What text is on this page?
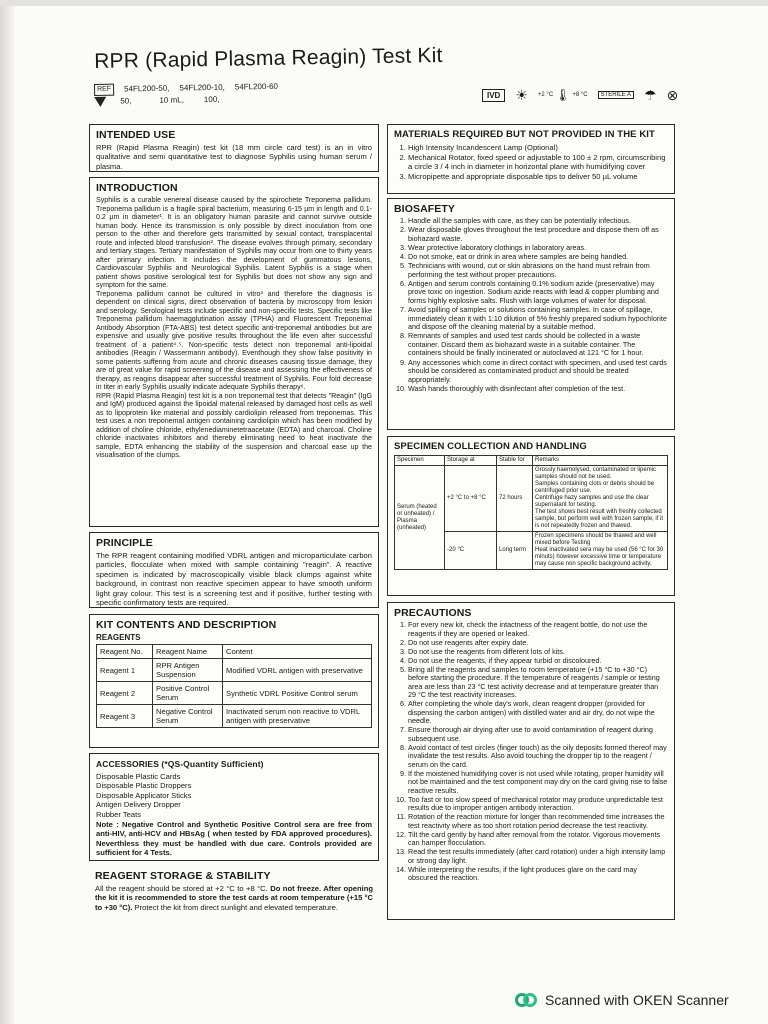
RPR (Rapid Plasma Reagin) Test Kit
REF	54FL200-50, 54FL200-10, 54FL200-60
50,	10 mL, 100,	IVD	☀ +2 °C 🌡 +8 °C	STERILE A ☂ ⊗
INTENDED USE

RPR (Rapid Plasma Reagin) test kit (18 mm circle card test) is an in vitro qualitative and semi quantitative test to diagnose Syphilis using human serum / plasma.

INTRODUCTION

Syphilis is a curable venereal disease caused by the spirochete Treponema pallidum. Treponema pallidum is a fragile spiral bacterium, measuring 6-15 µm in length and 0.1-0.2 µm in diameter¹. It is an obligatory human parasite and cannot survive outside human body. Hence its transmission is only possible by direct inoculation from one person to the other and therefore gets transmitted by sexual contact, transplacental route and infected blood transfusion². The disease evolves through primary, secondary and tertiary stages. Tertiary manifestation of Syphilis may occur from one to thirty years after primary infection. It includes the development of gummatous lesions, Cardiovascular Syphilis and Neurological Syphilis. Latent Syphilis is a stage when patient shows positive serological test for Syphilis but does not show any sign and symptom for the same.

Treponema pallidum cannot be cultured in vitro³ and therefore the diagnosis is dependent on clinical signs, direct observation of bacteria by microscopy from lesion and serology. Serological tests include specific and non-specific tests. Specific tests like Treponema pallidum haemagglutination assay (TPHA) and Fluorescent Treponemal Antibody Absorption (FTA-ABS) test detect specific anti-treponemal antibodies but are expensive and usually give positive results throughout the life even after successful treatment of a patient⁴˒⁵. Non-specific tests detect non treponemal anti-lipoidal antibodies (Reagin / Wassermann antibody). Eventhough they show false positivity in some patients suffering from acute and chronic diseases causing tissue damage, they are of great value for rapid screening of the disease and assessing the effectiveness of therapy, as reagins disappear after successful treatment of Syphilis. Four fold decrease in titer in early Syphilis usually indicate adequate Syphilis therapy⁶.

RPR (Rapid Plasma Reagin) test kit is a non treponemal test that detects "Reagin" (IgG and IgM) produced against the lipoidal material released by damaged host cells as well as to lipoprotein like material and possibly cardiolipin released from treponemas. This test uses a non treponemal antigen containing cardiolipin which has been modified by addition of choline chloride, ethylenediaminetetraacetate (EDTA) and charcoal. Choline chloride inactivates inhibitors and thereby eliminating need to heat inactivate the sample, EDTA enhancing the stability of the suspension and charcoal ease up the visualisation of the clumps.

PRINCIPLE

The RPR reagent containing modified VDRL antigen and microparticulate carbon particles, flocculate when mixed with sample containing "reagin". A reactive specimen is indicated by macroscopically visible black clumps against white background, in contrast non reactive specimen appear to have smooth uniform light gray colour. This test is a screening test and if positive, further testing with specific confirmatory tests are required.

KIT CONTENTS AND DESCRIPTION
REAGENTS
Reagent No.	Reagent Name	Content
Reagent 1	RPR Antigen Suspension	Modified VDRL antigen with preservative
Reagent 2	Positive Control Serum	Synthetic VDRL Positive Control serum
Reagent 3	Negative Control Serum	Inactivated serum non reactive to VDRL antigen with preservative
ACCESSORIES (*QS-Quantity Sufficient)
Disposable Plastic Cards
Disposable Plastic Droppers
Disposable Applicator Sticks
Antigen Delivery Dropper
Rubber Teats

Note : Negative Control and Synthetic Positive Control sera are free from anti-HIV, anti-HCV and HBsAg ( when tested by FDA approved procedures). Neverthless they must be handled with due care. Controls provided are sufficient for 4 Tests.

REAGENT STORAGE & STABILITY

All the reagent should be stored at +2 °C to +8 °C. Do not freeze. After opening the kit it is recommended to store the test cards at room temperature (+15 °C to +30 °C). Protect the kit from direct sunlight and elevated temperature.

MATERIALS REQUIRED BUT NOT PROVIDED IN THE KIT
1. High Intensity Incandescent Lamp (Optional)
2. Mechanical Rotator, fixed speed or adjustable to 100 ± 2 rpm, circumscribing a circle 3 / 4 inch in diameter in horizontal plane with humidifying cover
3. Micropipette and appropriate disposable tips to deliver 50 µL volume
BIOSAFETY
1. Handle all the samples with care, as they can be potentially infectious.
2. Wear disposable gloves throughout the test procedure and dispose them off as biohazard waste.
3. Wear protective laboratory clothings in laboratory areas.
4. Do not smoke, eat or drink in area where samples are being handled.
5. Technicians with wound, cut or skin abrasions on the hand must refrain from performing the test without proper precautions.
6. Antigen and serum controls containing 0.1% sodium azide (preservative) may prove toxic on ingestion. Sodium azide reacts with lead & copper plumbing and forms highly explosive salts. Flush with large volumes of water for disposal.
7. Avoid spilling of samples or solutions containing samples. In case of spillage, immediately clean it with 1:10 dilution of 5% freshly prepared sodium hypochlorite and dispose off the cleaning material by a suitable method.
8. Remnants of samples and used test cards should be collected in a waste container. Discard them as biohazard waste in a suitable container. The containers should be finally incinerated or autoclaved at 121 °C for 1 hour.
9. Any accessories which come in direct contact with specimen, and used test cards should be considered as contaminated product and should be treated appropriately.
10. Wash hands thoroughly with disinfectant after completion of the test.
SPECIMEN COLLECTION AND HANDLING
Specimen	Storage at	Stable for	Remarks
Serum (heated or unheated) / Plasma (unheated)	+2 °C to +8 °C	72 hours	Grossly haemolysed, contaminated or lipemic samples should not be used.
Samples containing clots or debris should be centrifuged prior use.
Centrifuge hazy samples and use the clear supernatant for testing.
The test shows best result with freshly collected sample, but perform well with frozen sample, if it is not repeatedly frozen and thawed.

	-20 °C	Long term	Frozen specimens should be thawed and well mixed before Testing
Heat inactivated sera may be used (56 °C for 30 minuts) however excessive time or temperature may cause non specific background activity.
PRECAUTIONS
1. For every new kit, check the intactness of the reagent bottle, do not use the reagents if they are opened or leaked.
2. Do not use reagents after expiry date.
3. Do not use the reagents from different lots of kits.
4. Do not use the reagents, if they appear turbid or discoloured.
5. Bring all the reagents and samples to room temperature (+15 °C to +30 °C) before starting the procedure. If the temperature of reagents / sample or testing area are less than 23 °C test activity decrease and at temperature greater than 29 °C the test reactivity increases.
6. After completing the whole day's work, clean reagent dropper (provided for dispensing the carbon antigen) with distilled water and air dry, do not wipe the needle.
7. Ensure thorough air drying after use to avoid contamination of reagent during subsequent use.
8. Avoid contact of test circles (finger touch) as the oily deposits formed thereof may invalidate the test results. Also avoid touching the dropper tip to the reagent / serum on the card.
9. If the moistened humidifying cover is not used while rotating, proper humidity will not be maintained and the test component may dry on the card giving rise to false reactive results.
10. Too fast or too slow speed of mechanical rotator may produce unpredictable test results due to improper antigen antibody interaction.
11. Rotation of the reaction mixture for longer than recommended time increases the test reactivity where as too short rotation period decrease the test reactivity.
12. Tilt the card gently by hand after removal from the rotator. Vigorous movements can hamper flocculation.
13. Read the test results immediately (after card rotation) under a high intensity lamp or strong day light.
14. While interpreting the results, if the light produces glare on the card may obscured the reaction.
Scanned with OKEN Scanner
